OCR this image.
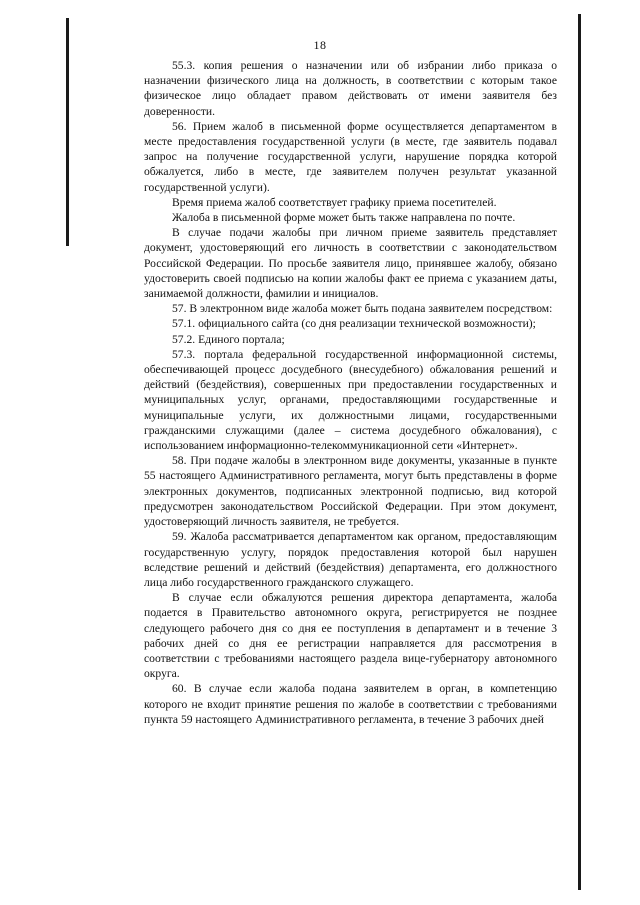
18

55.3. копия решения о назначении или об избрании либо приказа о назначении физического лица на должность, в соответствии с которым такое физическое лицо обладает правом действовать от имени заявителя без доверенности.

56. Прием жалоб в письменной форме осуществляется департаментом в месте предоставления государственной услуги (в месте, где заявитель подавал запрос на получение государственной услуги, нарушение порядка которой обжалуется, либо в месте, где заявителем получен результат указанной государственной услуги).

Время приема жалоб соответствует графику приема посетителей.

Жалоба в письменной форме может быть также направлена по почте.

В случае подачи жалобы при личном приеме заявитель представляет документ, удостоверяющий его личность в соответствии с законодательством Российской Федерации. По просьбе заявителя лицо, принявшее жалобу, обязано удостоверить своей подписью на копии жалобы факт ее приема с указанием даты, занимаемой должности, фамилии и инициалов.

57. В электронном виде жалоба может быть подана заявителем посредством:

57.1. официального сайта (со дня реализации технической возможности);

57.2. Единого портала;

57.3. портала федеральной государственной информационной системы, обеспечивающей процесс досудебного (внесудебного) обжалования решений и действий (бездействия), совершенных при предоставлении государственных и муниципальных услуг, органами, предоставляющими государственные и муниципальные услуги, их должностными лицами, государственными гражданскими служащими (далее – система досудебного обжалования), с использованием информационно-телекоммуникационной сети «Интернет».

58. При подаче жалобы в электронном виде документы, указанные в пункте 55 настоящего Административного регламента, могут быть представлены в форме электронных документов, подписанных электронной подписью, вид которой предусмотрен законодательством Российской Федерации. При этом документ, удостоверяющий личность заявителя, не требуется.

59. Жалоба рассматривается департаментом как органом, предоставляющим государственную услугу, порядок предоставления которой был нарушен вследствие решений и действий (бездействия) департамента, его должностного лица либо государственного гражданского служащего.

В случае если обжалуются решения директора департамента, жалоба подается в Правительство автономного округа, регистрируется не позднее следующего рабочего дня со дня ее поступления в департамент и в течение 3 рабочих дней со дня ее регистрации направляется для рассмотрения в соответствии с требованиями настоящего раздела вице-губернатору автономного округа.

60. В случае если жалоба подана заявителем в орган, в компетенцию которого не входит принятие решения по жалобе в соответствии с требованиями пункта 59 настоящего Административного регламента, в течение 3 рабочих дней
